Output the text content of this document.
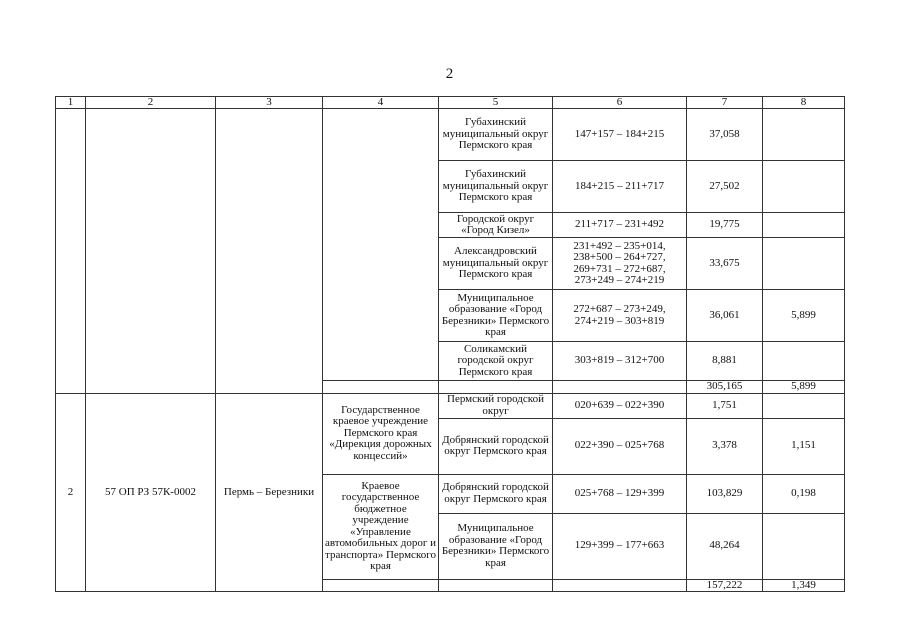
2
1	2	3	4	5	6	7	8
				Губахинский муниципальный округ Пермского края	147+157 – 184+215	37,058	
				Губахинский муниципальный округ Пермского края	184+215 – 211+717	27,502	
				Городской округ «Город Кизел»	211+717 – 231+492	19,775	
				Александровский муниципальный округ Пермского края	231+492 – 235+014, 238+500 – 264+727, 269+731 – 272+687, 273+249 – 274+219	33,675	
				Муниципальное образование «Город Березники» Пермского края	272+687 – 273+249, 274+219 – 303+819	36,061	5,899
				Соликамский городской округ Пермского края	303+819 – 312+700	8,881	
						305,165	5,899
2	57 ОП РЗ 57К-0002	Пермь – Березники	Государственное краевое учреждение Пермского края «Дирекция дорожных концессий»	Пермский городской округ	020+639 – 022+390	1,751	
				Добрянский городской округ Пермского края	022+390 – 025+768	3,378	1,151
			Краевое государственное бюджетное учреждение «Управление автомобильных дорог и транспорта» Пермского края	Добрянский городской округ Пермского края	025+768 – 129+399	103,829	0,198
				Муниципальное образование «Город Березники» Пермского края	129+399 – 177+663	48,264	
						157,222	1,349
